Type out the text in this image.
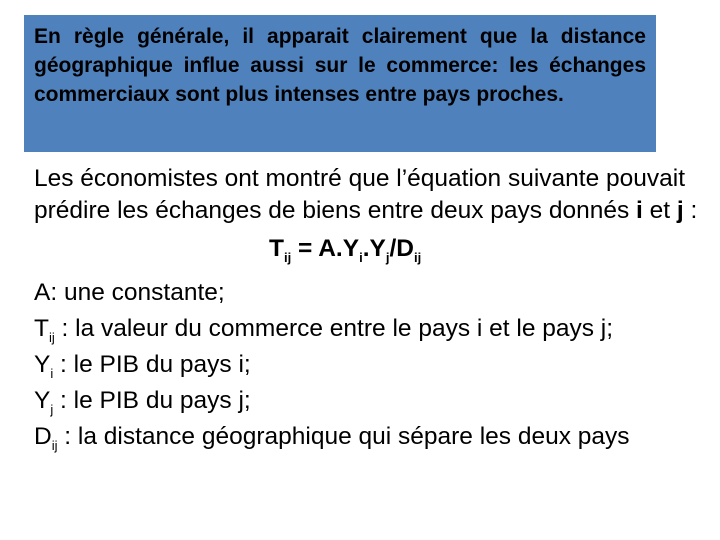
En règle générale, il apparait clairement que la distance géographique influe aussi sur le commerce: les échanges commerciaux sont plus intenses entre pays proches.

Les économistes ont montré que l’équation suivante pouvait prédire les échanges de biens entre deux pays donnés i et j :

$T_{ij} = A.Y_i.Y_j/D_{ij}$

A: une constante;

$T_{ij}$ : la valeur du commerce entre le pays i et le pays j;

$Y_i$ : le PIB du pays i;

$Y_j$ : le PIB du pays j;

$D_{ij}$ : la distance géographique qui sépare les deux pays
